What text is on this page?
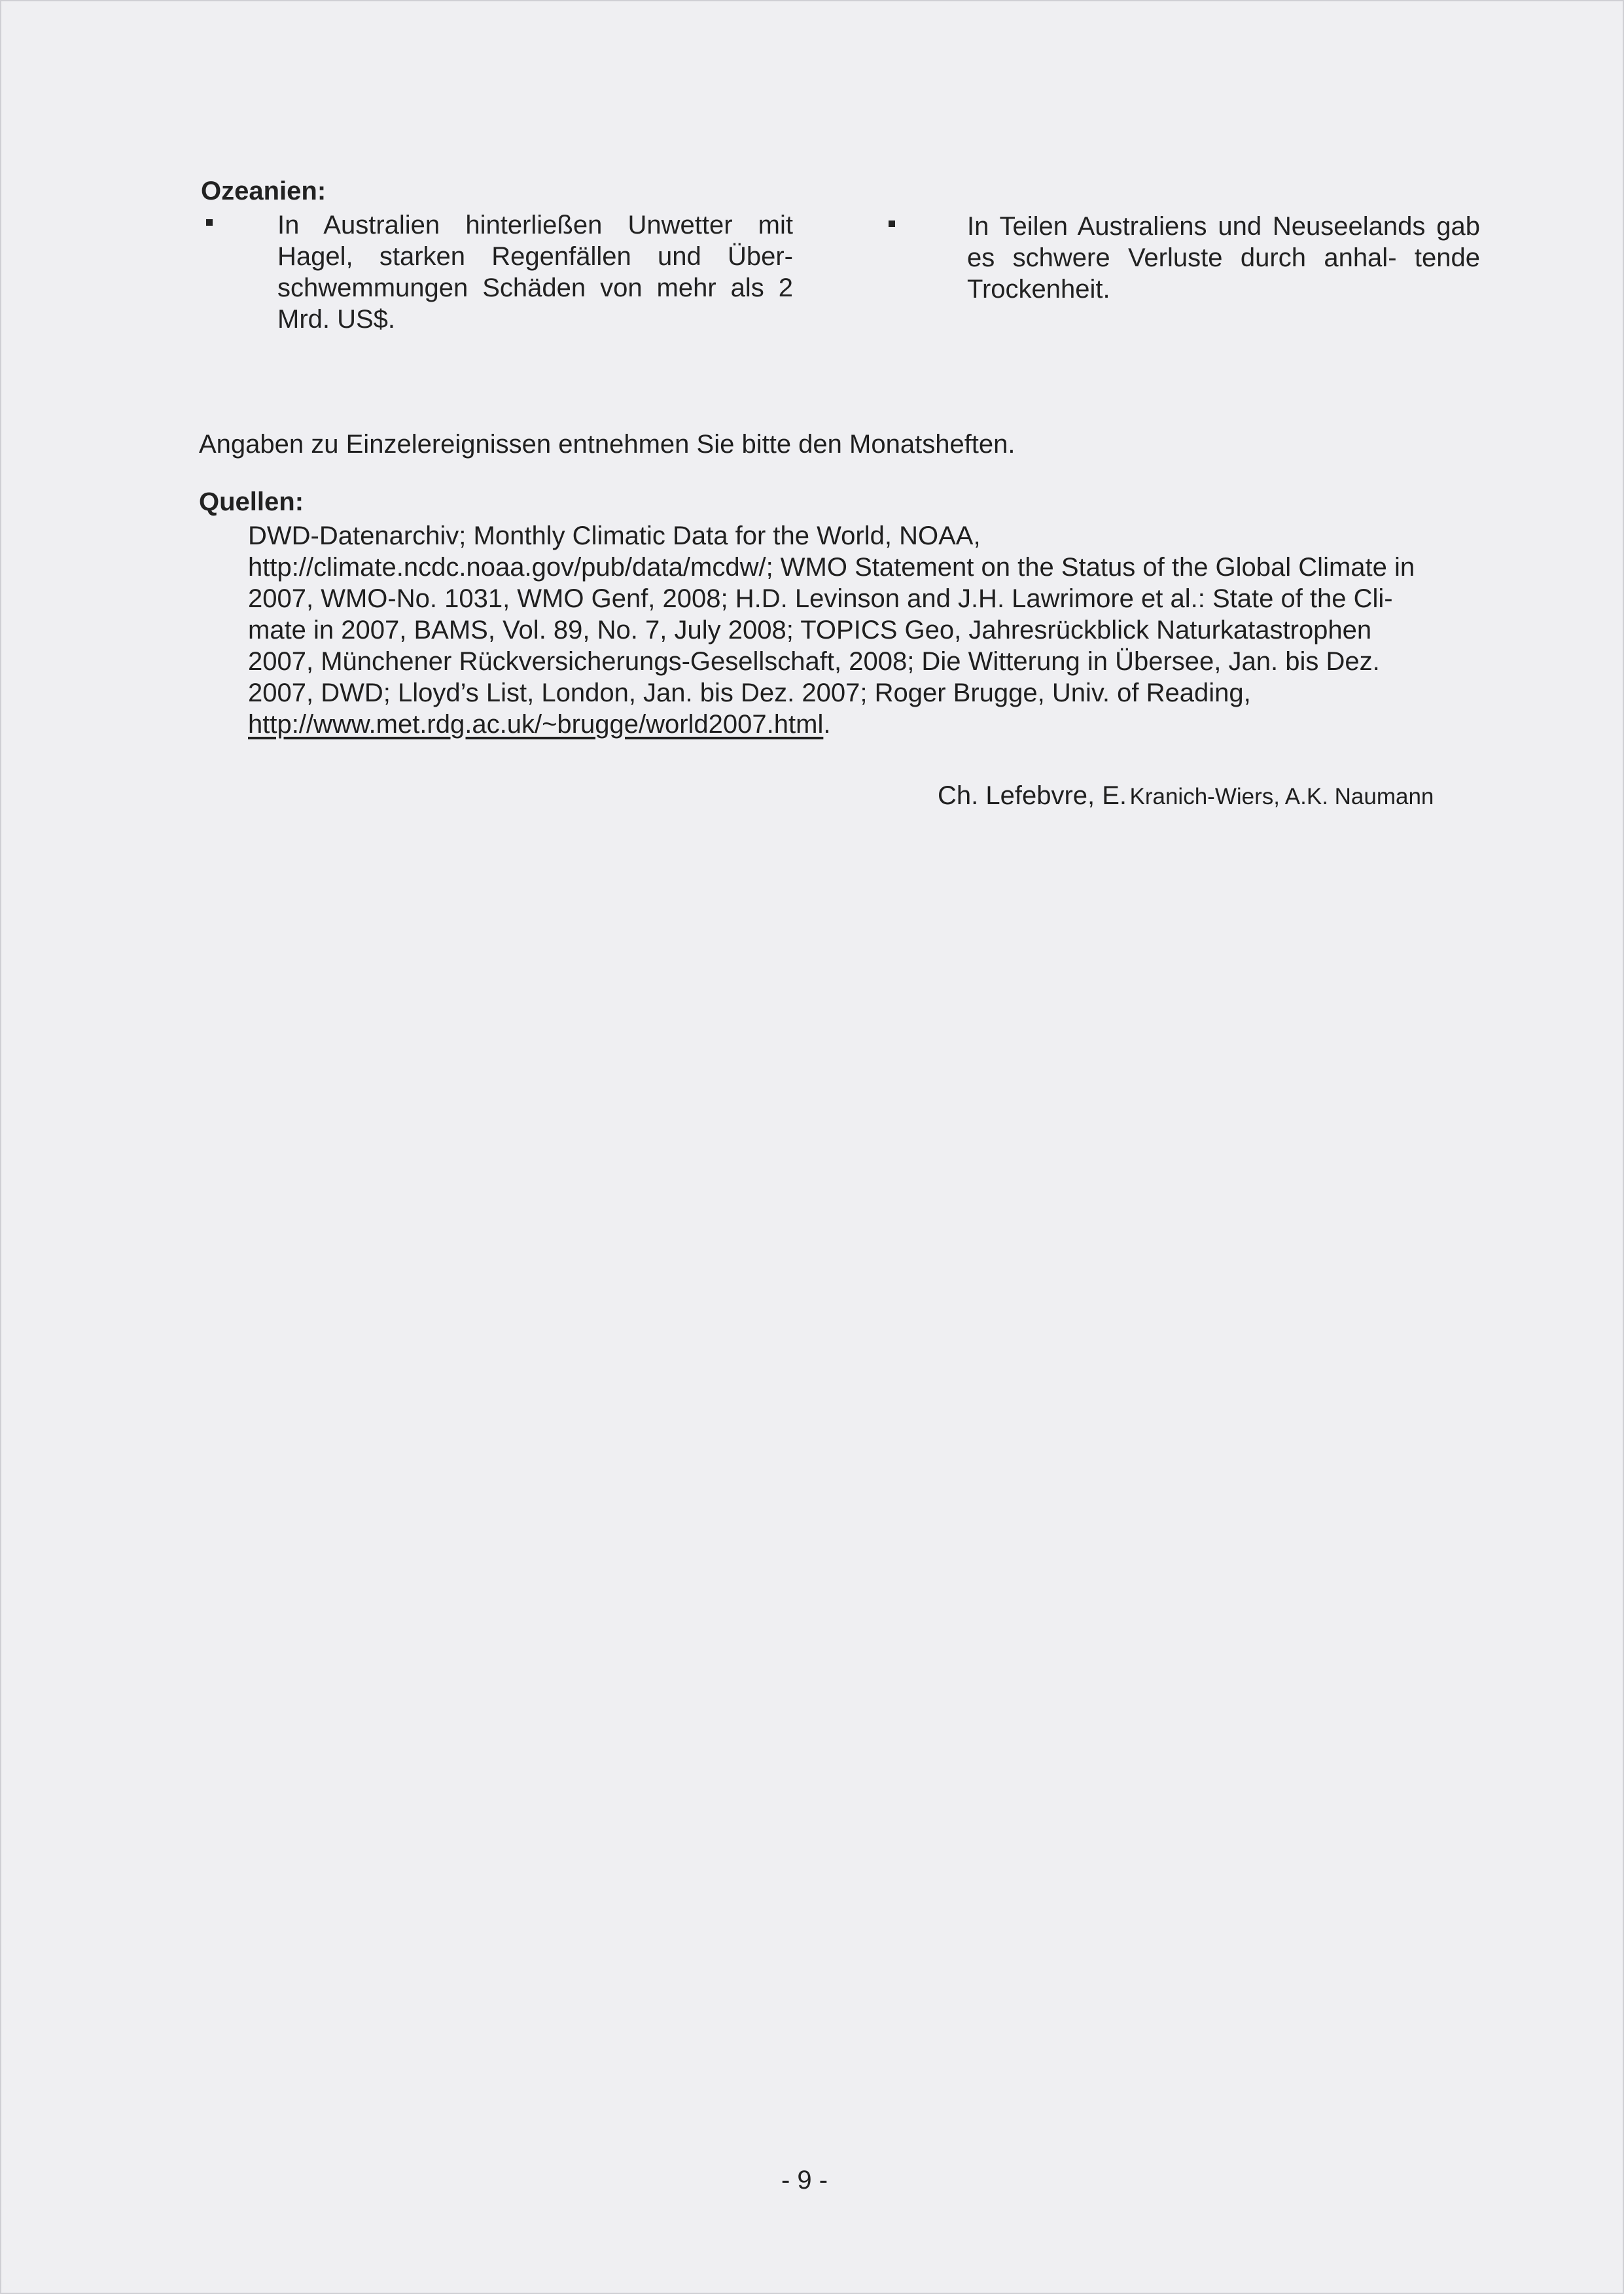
Ozeanien:

In Australien hinterließen Unwetter mit Hagel, starken Regenfällen und Über- schwemmungen Schäden von mehr als 2 Mrd. US$.

In Teilen Australiens und Neuseelands gab es schwere Verluste durch anhal- tende Trockenheit.

Angaben zu Einzelereignissen entnehmen Sie bitte den Monatsheften.
Quellen:
DWD-Datenarchiv; Monthly Climatic Data for the World, NOAA,
http://climate.ncdc.noaa.gov/pub/data/mcdw/; WMO Statement on the Status of the Global Climate in
2007, WMO-No. 1031, WMO Genf, 2008; H.D. Levinson and J.H. Lawrimore et al.: State of the Cli-
mate in 2007, BAMS, Vol. 89, No. 7, July 2008; TOPICS Geo, Jahresrückblick Naturkatastrophen
2007, Münchener Rückversicherungs-Gesellschaft, 2008; Die Witterung in Übersee, Jan. bis Dez.
2007, DWD; Lloyd’s List, London, Jan. bis Dez. 2007; Roger Brugge, Univ. of Reading,
http://www.met.rdg.ac.uk/~brugge/world2007.html.
Ch. Lefebvre, E. Kranich-Wiers, A.K. Naumann
- 9 -
